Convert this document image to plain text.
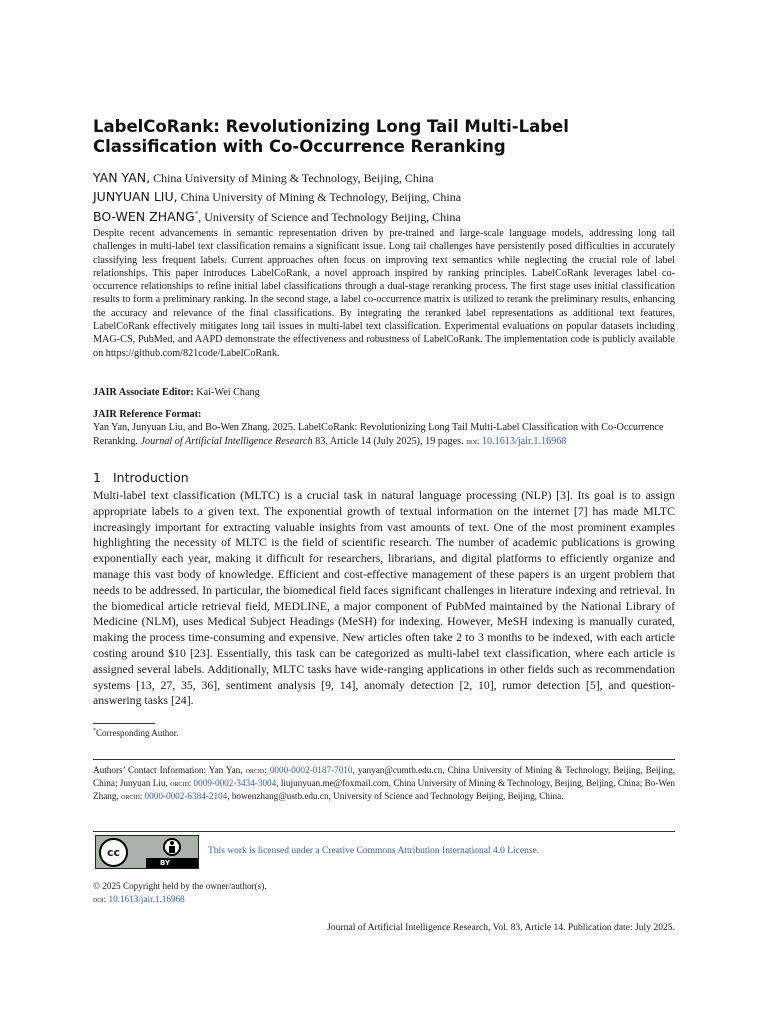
LabelCoRank: Revolutionizing Long Tail Multi-Label Classification with Co-Occurrence Reranking
YAN YAN, China University of Mining & Technology, Beijing, China
JUNYUAN LIU, China University of Mining & Technology, Beijing, China
BO-WEN ZHANG*, University of Science and Technology Beijing, China
Despite recent advancements in semantic representation driven by pre-trained and large-scale language models, addressing long tail challenges in multi-label text classification remains a significant issue. Long tail challenges have persistently posed difficulties in accurately classifying less frequent labels. Current approaches often focus on improving text semantics while neglecting the crucial role of label relationships. This paper introduces LabelCoRank, a novel approach inspired by ranking principles. LabelCoRank leverages label co-occurrence relationships to refine initial label classifications through a dual-stage reranking process. The first stage uses initial classification results to form a preliminary ranking. In the second stage, a label co-occurrence matrix is utilized to rerank the preliminary results, enhancing the accuracy and relevance of the final classifications. By integrating the reranked label representations as additional text features, LabelCoRank effectively mitigates long tail issues in multi-label text classification. Experimental evaluations on popular datasets including MAG-CS, PubMed, and AAPD demonstrate the effectiveness and robustness of LabelCoRank. The implementation code is publicly available on https://github.com/821code/LabelCoRank.
JAIR Associate Editor: Kai-Wei Chang
JAIR Reference Format:
Yan Yan, Junyuan Liu, and Bo-Wen Zhang. 2025. LabelCoRank: Revolutionizing Long Tail Multi-Label Classification with Co-Occurrence Reranking. Journal of Artificial Intelligence Research 83, Article 14 (July 2025), 19 pages. doi: 10.1613/jair.1.16968
1 Introduction
Multi-label text classification (MLTC) is a crucial task in natural language processing (NLP) [3]. Its goal is to assign appropriate labels to a given text. The exponential growth of textual information on the internet [7] has made MLTC increasingly important for extracting valuable insights from vast amounts of text. One of the most prominent examples highlighting the necessity of MLTC is the field of scientific research. The number of academic publications is growing exponentially each year, making it difficult for researchers, librarians, and digital platforms to efficiently organize and manage this vast body of knowledge. Efficient and cost-effective management of these papers is an urgent problem that needs to be addressed. In particular, the biomedical field faces significant challenges in literature indexing and retrieval. In the biomedical article retrieval field, MEDLINE, a major component of PubMed maintained by the National Library of Medicine (NLM), uses Medical Subject Headings (MeSH) for indexing. However, MeSH indexing is manually curated, making the process time-consuming and expensive. New articles often take 2 to 3 months to be indexed, with each article costing around $10 [23]. Essentially, this task can be categorized as multi-label text classification, where each article is assigned several labels. Additionally, MLTC tasks have wide-ranging applications in other fields such as recommendation systems [13, 27, 35, 36], sentiment analysis [9, 14], anomaly detection [2, 10], rumor detection [5], and question-answering tasks [24].
*Corresponding Author.
Authors’ Contact Information: Yan Yan, orcid: 0000-0002-0187-7010, yanyan@cumtb.edu.cn, China University of Mining & Technology, Beijing, Beijing, China; Junyuan Liu, orcid: 0009-0002-3434-3004, liujunyuan.me@foxmail.com, China University of Mining & Technology, Beijing, Beijing, China; Bo-Wen Zhang, orcid: 0000-0002-6384-2104, bowenzhang@ustb.edu.cn, University of Science and Technology Beijing, Beijing, China.
cc
BY
This work is licensed under a Creative Commons Attribution International 4.0 License.
© 2025 Copyright held by the owner/author(s).
doi: 10.1613/jair.1.16968
Journal of Artificial Intelligence Research, Vol. 83, Article 14. Publication date: July 2025.
